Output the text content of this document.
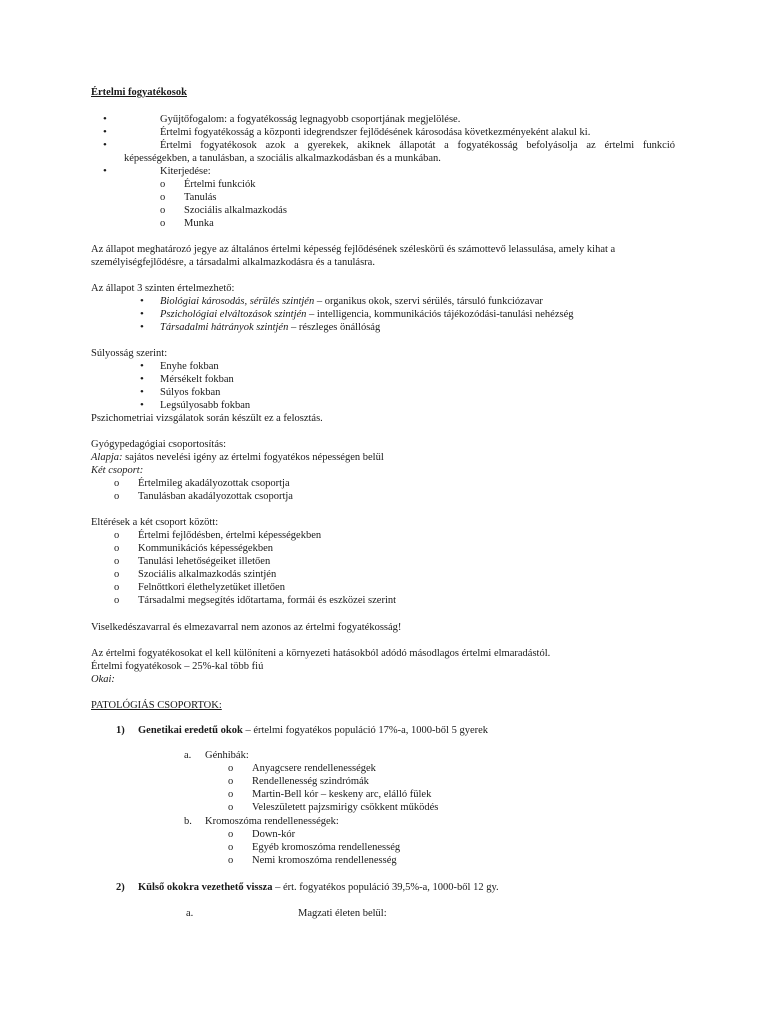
Értelmi fogyatékosok
•	Gyűjtőfogalom: a fogyatékosság legnagyobb csoportjának megjelölése.
•	Értelmi fogyatékosság a központi idegrendszer fejlődésének károsodása következményeként alakul ki.
•	Értelmi fogyatékosok azok a gyerekek, akiknek állapotát a fogyatékosság befolyásolja az értelmi funkció
képességekben, a tanulásban, a szociális alkalmazkodásban és a munkában.
•	Kiterjedése:
o Értelmi funkciók
o Tanulás
o Szociális alkalmazkodás
o Munka
Az állapot meghatározó jegye az általános értelmi képesség fejlődésének széleskörű és számottevő lelassulása, amely kihat a
személyiségfejlődésre, a társadalmi alkalmazkodásra és a tanulásra.
Az állapot 3 szinten értelmezhető:
• Biológiai károsodás, sérülés szintjén – organikus okok, szervi sérülés, társuló funkciózavar
• Pszichológiai elváltozások szintjén – intelligencia, kommunikációs tájékozódási-tanulási nehézség
• Társadalmi hátrányok szintjén – részleges önállóság
Súlyosság szerint:
• Enyhe fokban
• Mérsékelt fokban
• Súlyos fokban
• Legsúlyosabb fokban
Pszichometriai vizsgálatok során készült ez a felosztás.
Gyógypedagógiai csoportosítás:
Alapja: sajátos nevelési igény az értelmi fogyatékos népességen belül
Két csoport:
o Értelmileg akadályozottak csoportja
o Tanulásban akadályozottak csoportja
Eltérések a két csoport között:
o Értelmi fejlődésben, értelmi képességekben
o Kommunikációs képességekben
o Tanulási lehetőségeiket illetően
o Szociális alkalmazkodás szintjén
o Felnőttkori élethelyzetüket illetően
o Társadalmi megsegítés időtartama, formái és eszközei szerint
Viselkedészavarral és elmezavarral nem azonos az értelmi fogyatékosság!
Az értelmi fogyatékosokat el kell különíteni a környezeti hatásokból adódó másodlagos értelmi elmaradástól.
Értelmi fogyatékosok – 25%-kal több fiú
Okai:
PATOLÓGIÁS CSOPORTOK:
1) Genetikai eredetű okok – értelmi fogyatékos populáció 17%-a, 1000-ből 5 gyerek
a. Génhibák:
o Anyagcsere rendellenességek
o Rendellenesség szindrómák
o Martin-Bell kór – keskeny arc, elálló fülek
o Veleszületett pajzsmirigy csökkent működés
b. Kromoszóma rendellenességek:
o Down-kór
o Egyéb kromoszóma rendellenesség
o Nemi kromoszóma rendellenesség
2) Külső okokra vezethető vissza – ért. fogyatékos populáció 39,5%-a, 1000-ből 12 gy.
a.	Magzati életen belül:
